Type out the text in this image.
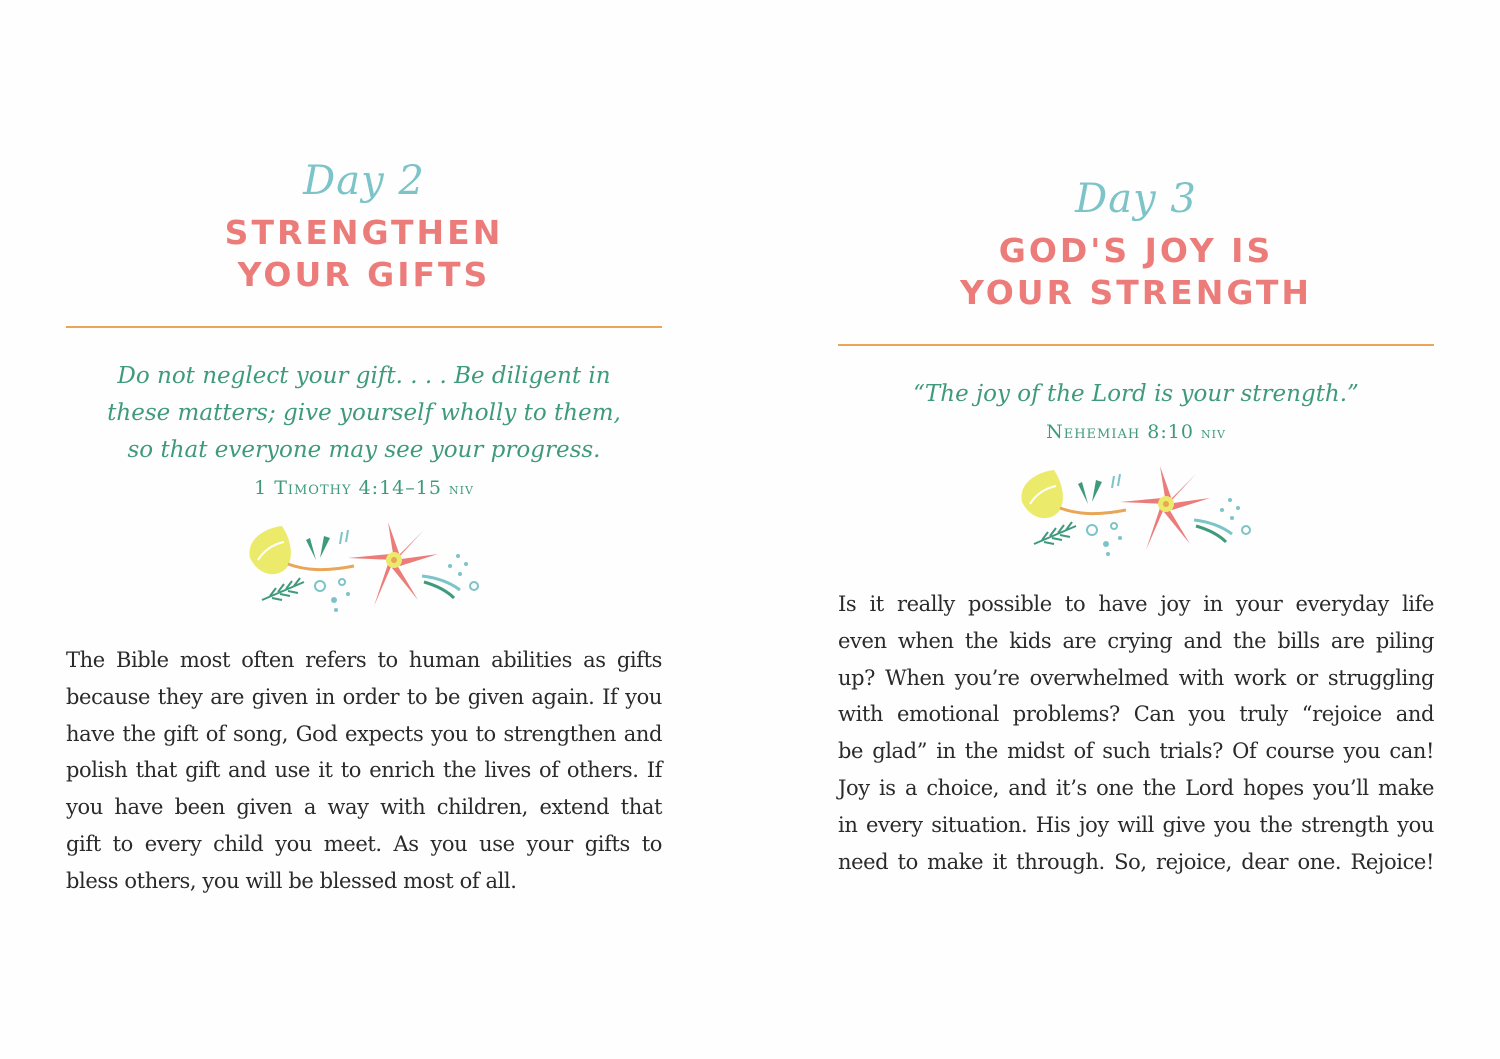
Day 2
STRENGTHEN
YOUR GIFTS
Do not neglect your gift. . . . Be diligent in
these matters; give yourself wholly to them,
so that everyone may see your progress.
1 Timothy 4:14–15 niv
The Bible most often refers to human abilities as gifts
because they are given in order to be given again. If you
have the gift of song, God expects you to strengthen and
polish that gift and use it to enrich the lives of others. If
you have been given a way with children, extend that
gift to every child you meet. As you use your gifts to
bless others, you will be blessed most of all.
Day 3
GOD'S JOY IS
YOUR STRENGTH
“The joy of the Lord is your strength.”
Nehemiah 8:10 niv
Is it really possible to have joy in your everyday life
even when the kids are crying and the bills are piling
up? When you’re overwhelmed with work or struggling
with emotional problems? Can you truly “rejoice and
be glad” in the midst of such trials? Of course you can!
Joy is a choice, and it’s one the Lord hopes you’ll make
in every situation. His joy will give you the strength you
need to make it through. So, rejoice, dear one. Rejoice!
